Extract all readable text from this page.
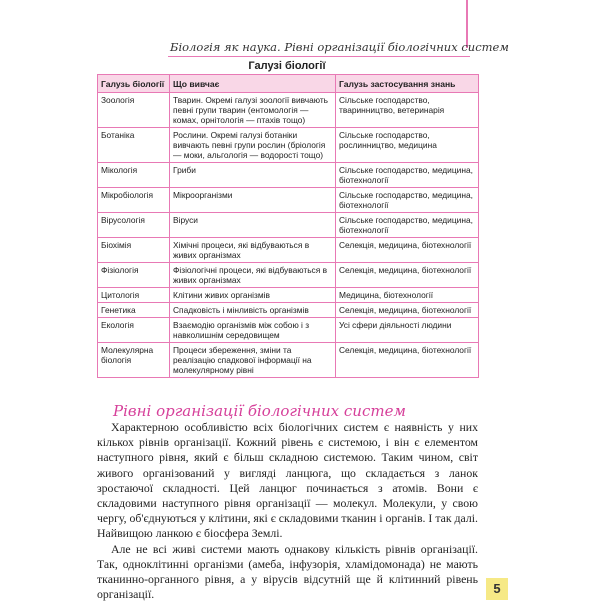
Біологія як наука. Рівні організації біологічних систем
Галузі біології
Галузь біології	Що вивчає	Галузь застосування знань
Зоологія	Тварин. Окремі галузі зоології вивчають певні групи тварин (ентомологія — комах, орнітологія — птахів тощо)	Сільське господарство, тваринництво, ветеринарія
Ботаніка	Рослини. Окремі галузі ботаніки вивчають певні групи рослин (бріологія — моки, альгологія — водорості тощо)	Сільське господарство, рослинництво, медицина
Мікологія	Гриби	Сільське господарство, медицина, біотехнології
Мікробіологія	Мікроорганізми	Сільське господарство, медицина, біотехнології
Вірусологія	Віруси	Сільське господарство, медицина, біотехнології
Біохімія	Хімічні процеси, які відбуваються в живих організмах	Селекція, медицина, біотехнології
Фізіологія	Фізіологічні процеси, які відбуваються в живих організмах	Селекція, медицина, біотехнології
Цитологія	Клітини живих організмів	Медицина, біотехнології
Генетика	Спадковість і мінливість організмів	Селекція, медицина, біотехнології
Екологія	Взаємодію організмів між собою і з навколишнім середовищем	Усі сфери діяльності людини
Молекулярна біологія	Процеси збереження, зміни та реалізацію спадкової інформації на молекулярному рівні	Селекція, медицина, біотехнології
Рівні організації біологічних систем

Характерною особливістю всіх біологічних систем є наявність у них кількох рівнів організації. Кожний рівень є системою, і він є елементом наступного рівня, який є більш складною системою. Таким чином, світ живого організований у вигляді ланцюга, що складається з ланок зростаючої складності. Цей ланцюг починається з атомів. Вони є складовими наступного рівня організації — молекул. Молекули, у свою чергу, об'єднуються у клітини, які є складовими тканин і органів. І так далі. Найвищою ланкою є біосфера Землі.

Але не всі живі системи мають однакову кількість рівнів організації. Так, одноклітинні організми (амеба, інфузорія, хламідомонада) не мають тканинно-органного рівня, а у вірусів відсутній ще й клітинний рівень організації.	5
